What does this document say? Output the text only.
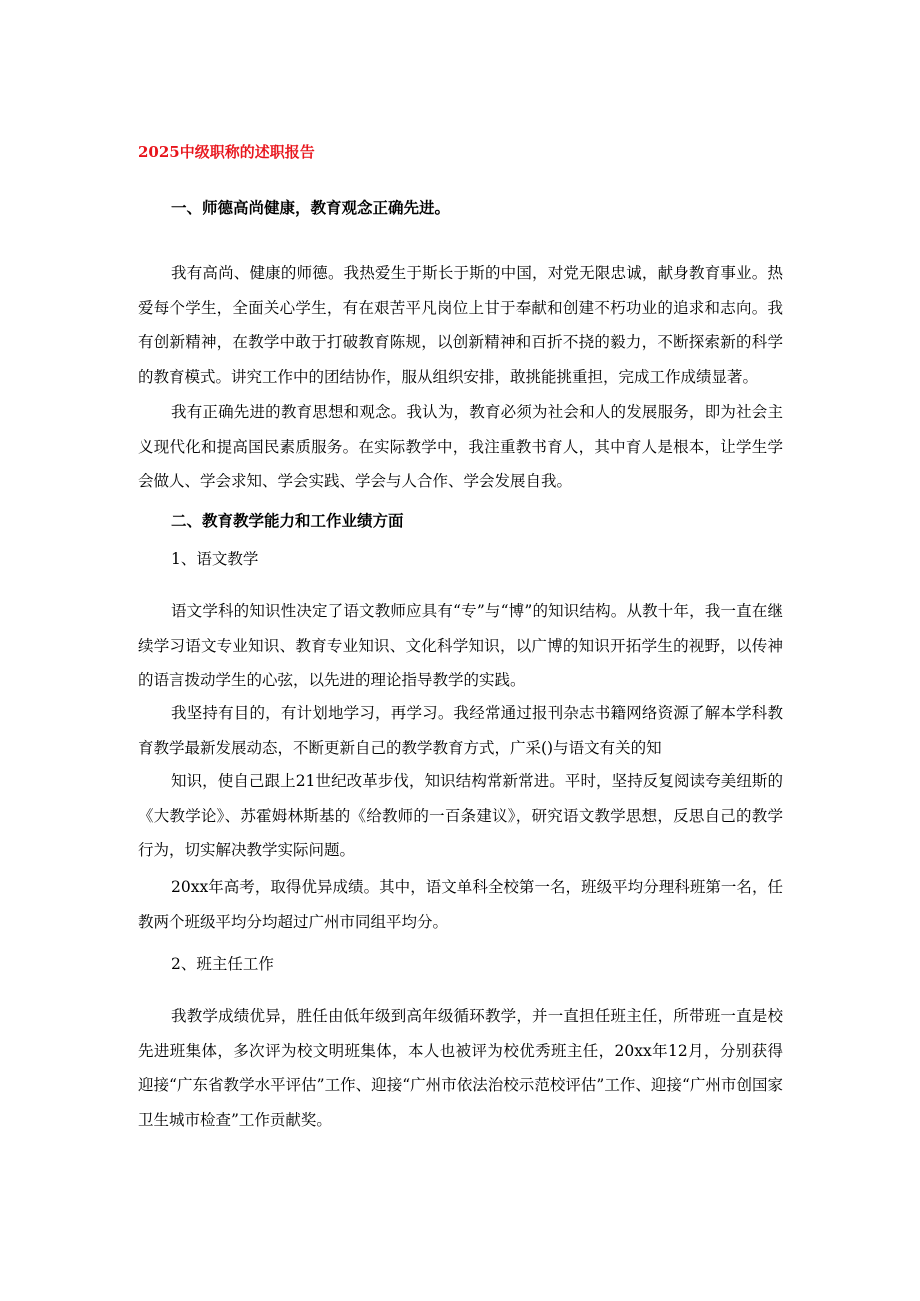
2025中级职称的述职报告
一、师德高尚健康，教育观念正确先进。

我有高尚、健康的师德。我热爱生于斯长于斯的中国，对党无限忠诚，献身教育事业。热爱每个学生，全面关心学生，有在艰苦平凡岗位上甘于奉献和创建不朽功业的追求和志向。我有创新精神，在教学中敢于打破教育陈规，以创新精神和百折不挠的毅力，不断探索新的科学的教育模式。讲究工作中的团结协作，服从组织安排，敢挑能挑重担，完成工作成绩显著。

我有正确先进的教育思想和观念。我认为，教育必须为社会和人的发展服务，即为社会主义现代化和提高国民素质服务。在实际教学中，我注重教书育人，其中育人是根本，让学生学会做人、学会求知、学会实践、学会与人合作、学会发展自我。

二、教育教学能力和工作业绩方面
1、语文教学

语文学科的知识性决定了语文教师应具有“专”与“博”的知识结构。从教十年，我一直在继续学习语文专业知识、教育专业知识、文化科学知识，以广博的知识开拓学生的视野，以传神的语言拨动学生的心弦，以先进的理论指导教学的实践。

我坚持有目的，有计划地学习，再学习。我经常通过报刊杂志书籍网络资源了解本学科教育教学最新发展动态，不断更新自己的教学教育方式，广采()与语文有关的知

知识，使自己跟上21世纪改革步伐，知识结构常新常进。平时，坚持反复阅读夸美纽斯的《大教学论》、苏霍姆林斯基的《给教师的一百条建议》，研究语文教学思想，反思自己的教学行为，切实解决教学实际问题。

20xx年高考，取得优异成绩。其中，语文单科全校第一名，班级平均分理科班第一名，任教两个班级平均分均超过广州市同组平均分。

2、班主任工作

我教学成绩优异，胜任由低年级到高年级循环教学，并一直担任班主任，所带班一直是校先进班集体，多次评为校文明班集体，本人也被评为校优秀班主任，20xx年12月，分别获得迎接“广东省教学水平评估”工作、迎接“广州市依法治校示范校评估”工作、迎接“广州市创国家卫生城市检查”工作贡献奖。
